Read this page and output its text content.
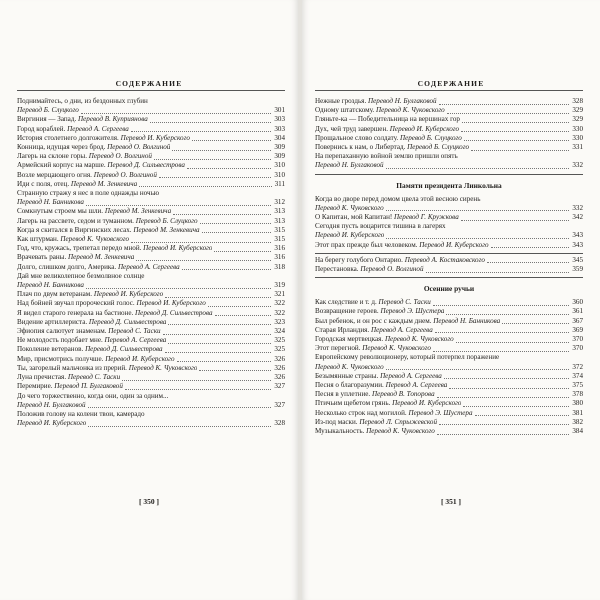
СОДЕРЖАНИЕ
Поднимайтесь, о дни, из бездонных глубин
Перевод Б. Слуцкого	301
Виргиния — Запад. Перевод В. Куприянова	303
Город кораблей. Перевод А. Сергеева	303
История столетнего долгожителя. Перевод И. Кубeрского	304
Конница, идущая через брод. Перевод О. Волгиной	309
Лагерь на склоне горы. Перевод О. Волгиной	309
Армейский корпус на марше. Перевод Д. Сильвестрова	310
Возле мерцающего огня. Перевод О. Волгиной	310
Иди с поля, отец. Перевод М. Зенкевича	311
Странную стражу я нес в поле однажды ночью
Перевод Н. Банникова	312
Сомкнутым строем мы шли. Перевод М. Зенкевича	313
Лагерь на рассвете, седом и туманном. Перевод Б. Слуцкого	313
Когда я скитался в Виргинских лесах. Перевод М. Зенкевича	315
Как штурман. Перевод К. Чуковского	315
Год, что, кружась, трепетал передо мной. Перевод И. Кубeрского	316
Врачевать раны. Перевод М. Зенкевича	316
Долго, слишком долго, Америка. Перевод А. Сергеева	318
Дай мне великолепное безмолвное солнце
Перевод Н. Банникова	319
Плач по двум ветеранам. Перевод И. Кубeрского	321
Над бойней звучал пророческий голос. Перевод И. Кубeрского	322
Я видел старого генерала на бастионе. Перевод Д. Сильвестрова	322
Видение артиллериста. Перевод Д. Сильвестрова	323
Эфиопия салютует знаменам. Перевод С. Таски	324
Не молодость подобает мне. Перевод А. Сергеева	325
Поколение ветеранов. Перевод Д. Сильвестрова	325
Мир, присмотрись получше. Перевод И. Кубeрского	326
Ты, загорелый мальчонка из прерий. Перевод К. Чуковского	326
Луна пречистая. Перевод С. Таски	326
Перемирие. Перевод П. Булгаковой	327
До чего торжественно, когда они, один за одним...
Перевод Н. Булгаковой	327
Положив голову на колени твои, камерадо
Перевод И. Кубeрского	328
[ 350 ]
СОДЕРЖАНИЕ
Нежные гроздья. Перевод Н. Булгаковой	328
Одному штатскому. Перевод К. Чуковского	329
Гляньте-ка — Победительница на вершинах гор	329
Дух, чей труд завершен. Перевод И. Кубeрского	330
Прощальное слово солдату. Перевод Б. Слуцкого	330
Повернись к нам, о Либертад. Перевод Б. Слуцкого	331
На перепаханную войной землю пришли опять
Перевод Н. Булгаковой	332
Памяти президента Линкольна
Когда во дворе перед домом цвела этой весною сирень
Перевод К. Чуковского	332
О Капитан, мой Капитан! Перевод Г. Кружкова	342
Сегодня пусть воцарится тишина в лагерях
Перевод И. Кубeрского	343
Этот прах прежде был человеком. Перевод И. Кубeрского	343
На берегу голубого Онтарио. Перевод А. Костаковского	345
Перестановка. Перевод О. Волгиной	359
Осенние ручьи
Как следствие и т. д. Перевод С. Таски	360
Возвращение героев. Перевод Э. Шустера	361
Был ребенок, и он рос с каждым днем. Перевод Н. Банникова	367
Старая Ирландия. Перевод А. Сергеева	369
Городская мертвецкая. Перевод К. Чуковского	370
Этот перегной. Перевод К. Чуковского	370
Европейскому революционеру, который потерпел поражение
Перевод К. Чуковского	372
Безымянные страны. Перевод А. Сергеева	374
Песня о благоразумии. Перевод А. Сергеева	375
Песня в уплетние. Перевод В. Топорова	378
Птичьим щебетом грянь. Перевод И. Кубeрского	380
Несколько строк над могилой. Перевод Э. Шустера	381
Из-под маски. Перевод Л. Спрыжевской	382
Музыкальность. Перевод К. Чуковского	384
[ 351 ]
